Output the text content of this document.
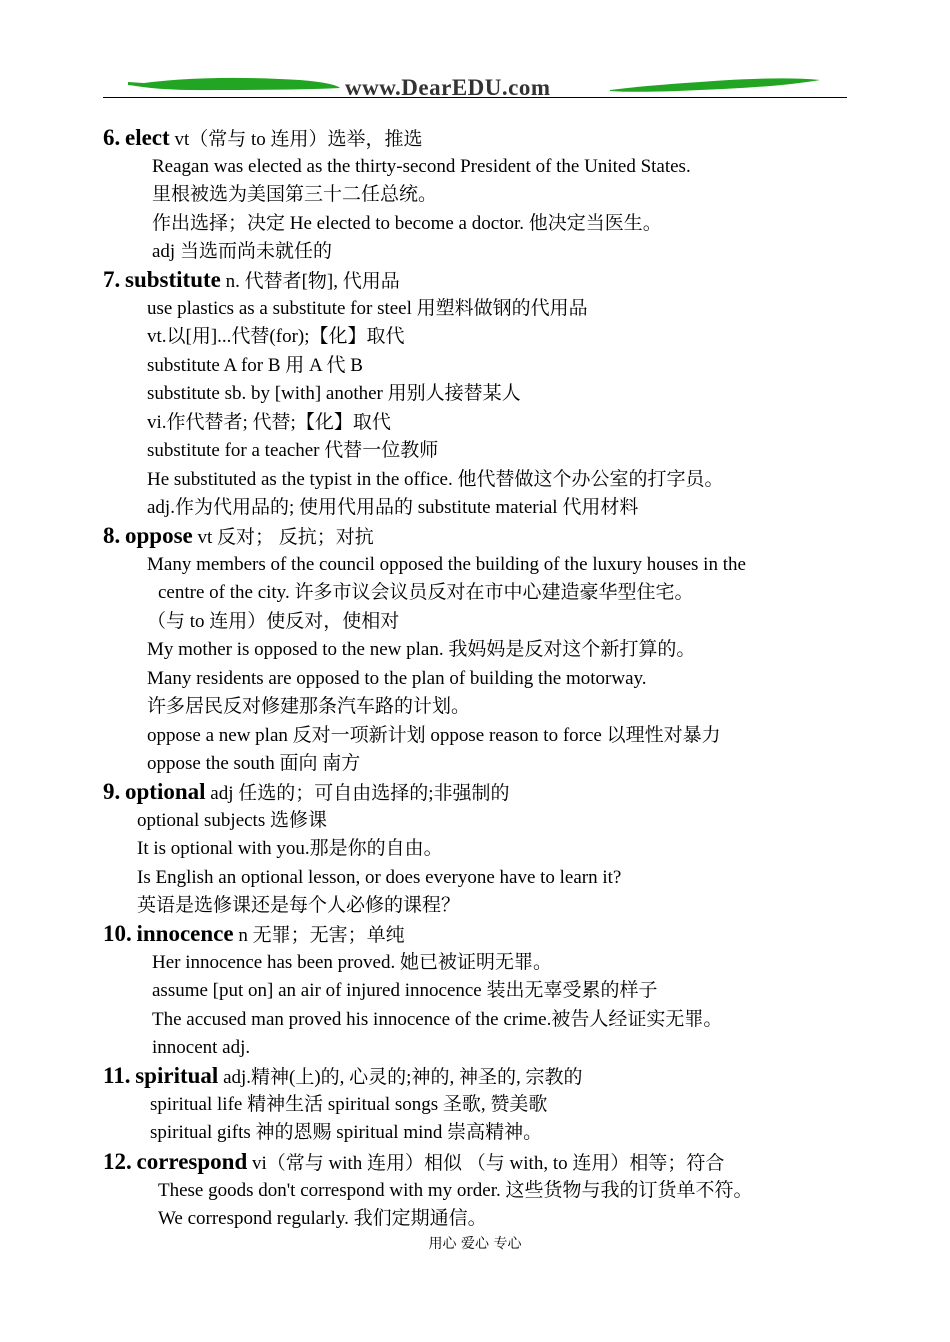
www.DearEDU.com
6. elect vt（常与 to 连用）选举，推选
Reagan was elected as the thirty-second President of the United States.
里根被选为美国第三十二任总统。
作出选择；决定 He elected to become a doctor. 他决定当医生。
adj 当选而尚未就任的
7. substitute n. 代替者[物], 代用品
use plastics as a substitute for steel 用塑料做钢的代用品
vt.以[用]...代替(for);【化】取代
substitute A for B 用 A 代 B
substitute sb. by [with] another 用别人接替某人
vi.作代替者; 代替;【化】取代
substitute for a teacher 代替一位教师
He substituted as the typist in the office. 他代替做这个办公室的打字员。
adj.作为代用品的; 使用代用品的 substitute material 代用材料
8. oppose vt 反对； 反抗；对抗
Many members of the council opposed the building of the luxury houses in the
centre of the city. 许多市议会议员反对在市中心建造豪华型住宅。
（与 to 连用）使反对，使相对
My mother is opposed to the new plan. 我妈妈是反对这个新打算的。
Many residents are opposed to the plan of building the motorway.
许多居民反对修建那条汽车路的计划。
oppose a new plan 反对一项新计划 oppose reason to force 以理性对暴力
oppose the south 面向 南方
9. optional adj 任选的；可自由选择的;非强制的
optional subjects 选修课
It is optional with you.那是你的自由。
Is English an optional lesson, or does everyone have to learn it?
英语是选修课还是每个人必修的课程？
10. innocence n 无罪；无害；单纯
Her innocence has been proved. 她已被证明无罪。
assume [put on] an air of injured innocence 装出无辜受累的样子
The accused man proved his innocence of the crime.被告人经证实无罪。
innocent adj.
11. spiritual adj.精神(上)的, 心灵的;神的, 神圣的, 宗教的
spiritual life 精神生活 spiritual songs 圣歌, 赞美歌
spiritual gifts 神的恩赐 spiritual mind 崇高精神。
12. correspond vi（常与 with 连用）相似 （与 with, to 连用）相等；符合
These goods don't correspond with my order. 这些货物与我的订货单不符。
We correspond regularly. 我们定期通信。
用心 爱心 专心
